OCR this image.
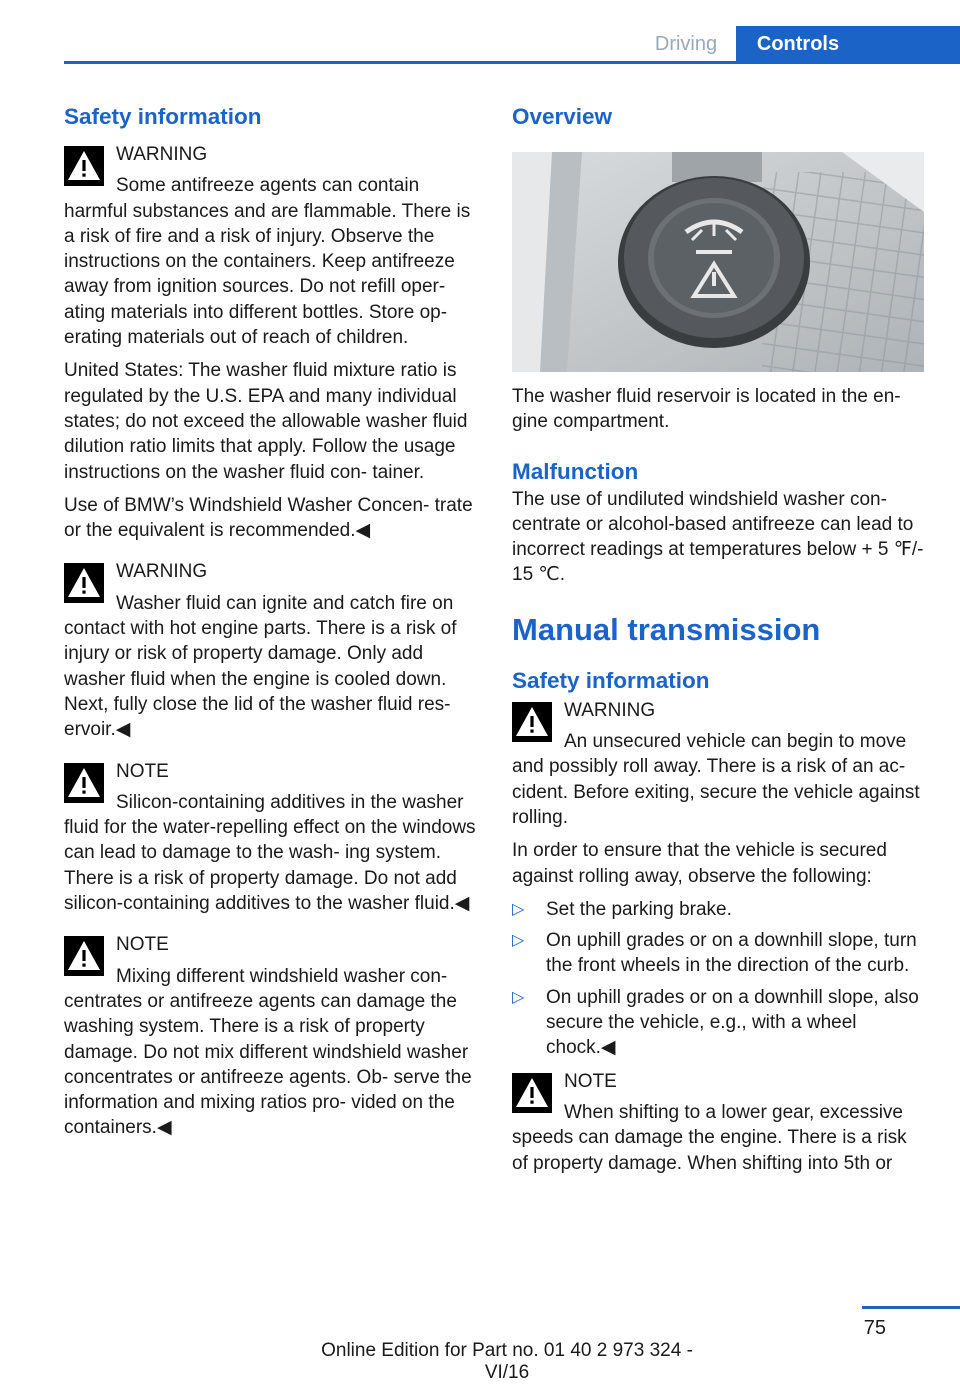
Driving	Controls
Safety information

WARNING

Some antifreeze agents can contain harmful substances and are flammable. There is a risk of fire and a risk of injury. Observe the instructions on the containers. Keep antifreeze away from ignition sources. Do not refill oper‐ ating materials into different bottles. Store op‐ erating materials out of reach of children.

United States: The washer fluid mixture ratio is regulated by the U.S. EPA and many individual states; do not exceed the allowable washer fluid dilution ratio limits that apply. Follow the usage instructions on the washer fluid con‐ tainer.

Use of BMW’s Windshield Washer Concen‐ trate or the equivalent is recommended.◀

WARNING

Washer fluid can ignite and catch fire on contact with hot engine parts. There is a risk of injury or risk of property damage. Only add washer fluid when the engine is cooled down. Next, fully close the lid of the washer fluid res‐ ervoir.◀

NOTE

Silicon-containing additives in the washer fluid for the water-repelling effect on the windows can lead to damage to the wash‐ ing system. There is a risk of property damage. Do not add silicon-containing additives to the washer fluid.◀

NOTE

Mixing different windshield washer con‐ centrates or antifreeze agents can damage the washing system. There is a risk of property damage. Do not mix different windshield washer concentrates or antifreeze agents. Ob‐ serve the information and mixing ratios pro‐ vided on the containers.◀

Overview

The washer fluid reservoir is located in the en‐ gine compartment.

Malfunction

The use of undiluted windshield washer con‐ centrate or alcohol-based antifreeze can lead to incorrect readings at temperatures below + 5 ℉/- 15 ℃.

Manual transmission
Safety information

WARNING

An unsecured vehicle can begin to move and possibly roll away. There is a risk of an ac‐ cident. Before exiting, secure the vehicle against rolling.

In order to ensure that the vehicle is secured against rolling away, observe the following:

▷ Set the parking brake.
▷ On uphill grades or on a downhill slope, turn the front wheels in the direction of the curb.
▷ On uphill grades or on a downhill slope, also secure the vehicle, e.g., with a wheel chock.◀

NOTE

When shifting to a lower gear, excessive speeds can damage the engine. There is a risk of property damage. When shifting into 5th or

75
Online Edition for Part no. 01 40 2 973 324 - VI/16
